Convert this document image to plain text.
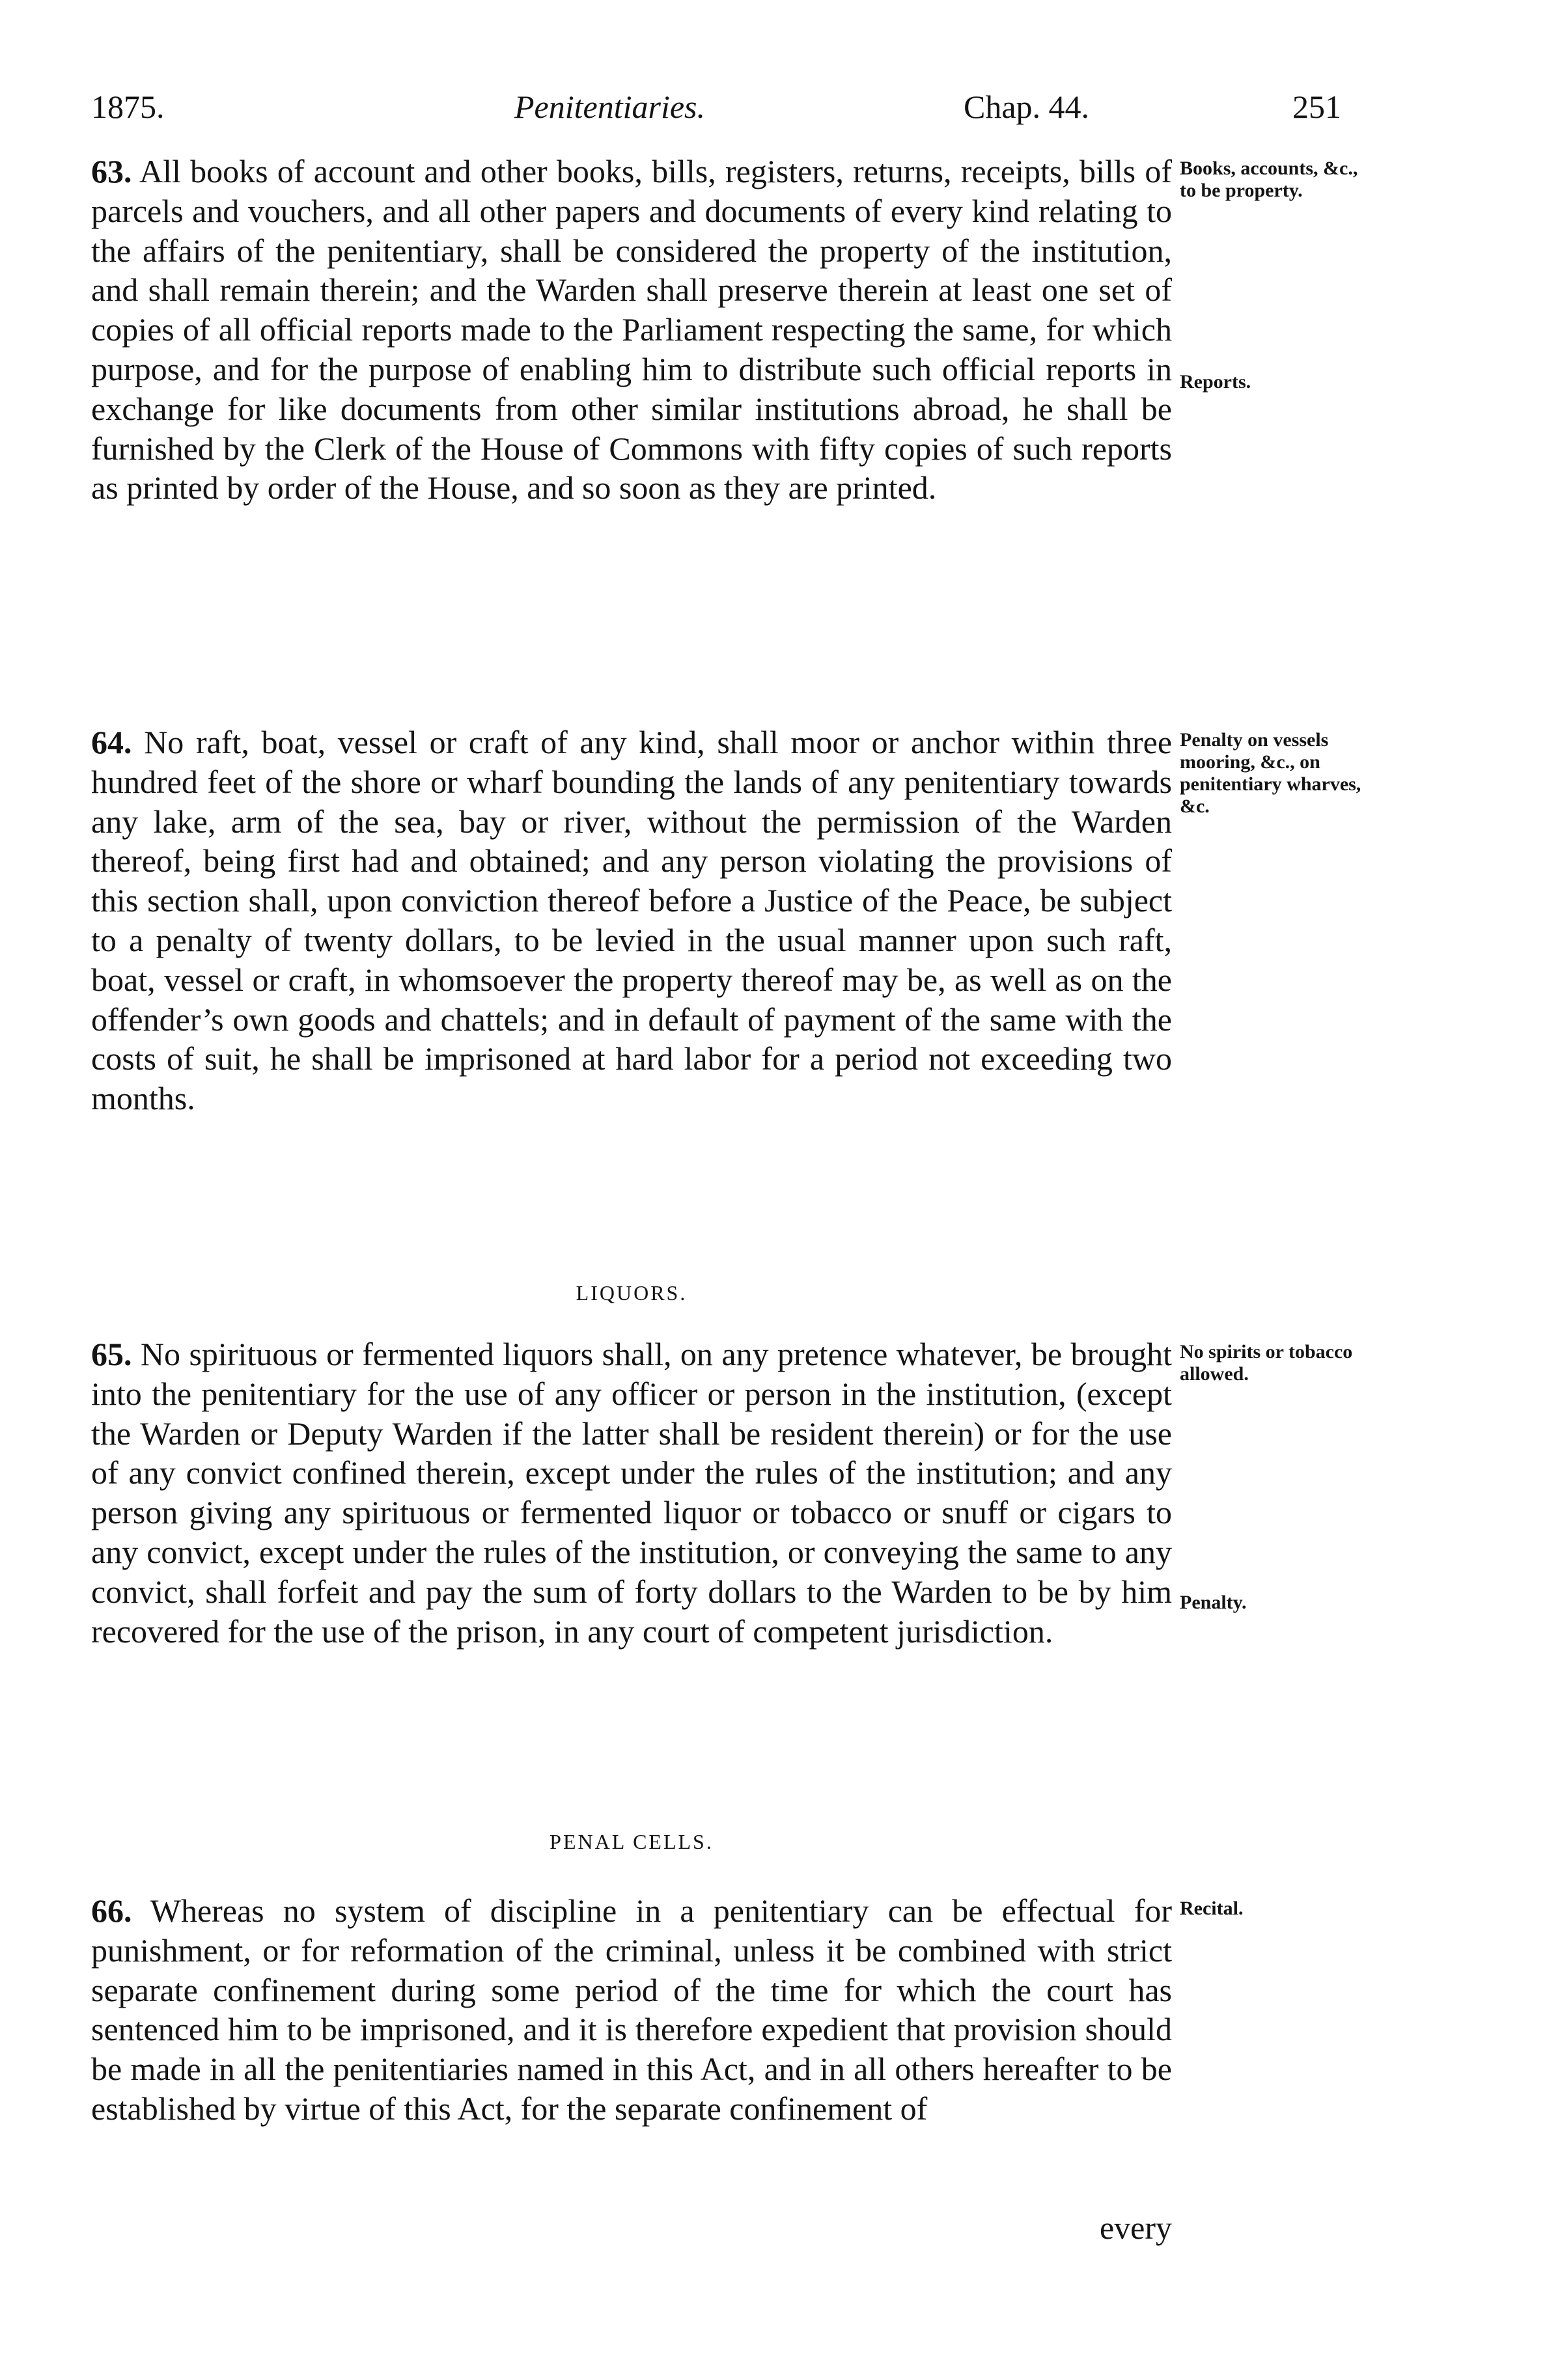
1875.	Penitentiaries.	Chap. 44.	251

63. All books of account and other books, bills, registers, returns, receipts, bills of parcels and vouchers, and all other papers and documents of every kind relating to the affairs of the penitentiary, shall be considered the property of the institution, and shall remain therein; and the Warden shall preserve therein at least one set of copies of all official reports made to the Parliament respecting the same, for which purpose, and for the purpose of enabling him to distribute such official reports in exchange for like documents from other similar institutions abroad, he shall be furnished by the Clerk of the House of Commons with fifty copies of such reports as printed by order of the House, and so soon as they are printed.

64. No raft, boat, vessel or craft of any kind, shall moor or anchor within three hundred feet of the shore or wharf bounding the lands of any penitentiary towards any lake, arm of the sea, bay or river, without the permission of the Warden thereof, being first had and obtained; and any person violating the provisions of this section shall, upon conviction thereof before a Justice of the Peace, be subject to a penalty of twenty dollars, to be levied in the usual manner upon such raft, boat, vessel or craft, in whomsoever the property thereof may be, as well as on the offender’s own goods and chattels; and in default of payment of the same with the costs of suit, he shall be imprisoned at hard labor for a period not exceeding two months.

LIQUORS.

65. No spirituous or fermented liquors shall, on any pretence whatever, be brought into the penitentiary for the use of any officer or person in the institution, (except the Warden or Deputy Warden if the latter shall be resident therein) or for the use of any convict confined therein, except under the rules of the institution; and any person giving any spirituous or fermented liquor or tobacco or snuff or cigars to any convict, except under the rules of the institution, or conveying the same to any convict, shall forfeit and pay the sum of forty dollars to the Warden to be by him recovered for the use of the prison, in any court of competent jurisdiction.

PENAL CELLS.

66. Whereas no system of discipline in a penitentiary can be effectual for punishment, or for reformation of the criminal, unless it be combined with strict separate confinement during some period of the time for which the court has sentenced him to be imprisoned, and it is therefore expedient that provision should be made in all the penitentiaries named in this Act, and in all others hereafter to be established by virtue of this Act, for the separate confinement of

every
Books, accounts, &c., to be property.
Reports.
Penalty on vessels mooring, &c., on penitentiary wharves, &c.
No spirits or tobacco allowed.
Penalty.
Recital.
